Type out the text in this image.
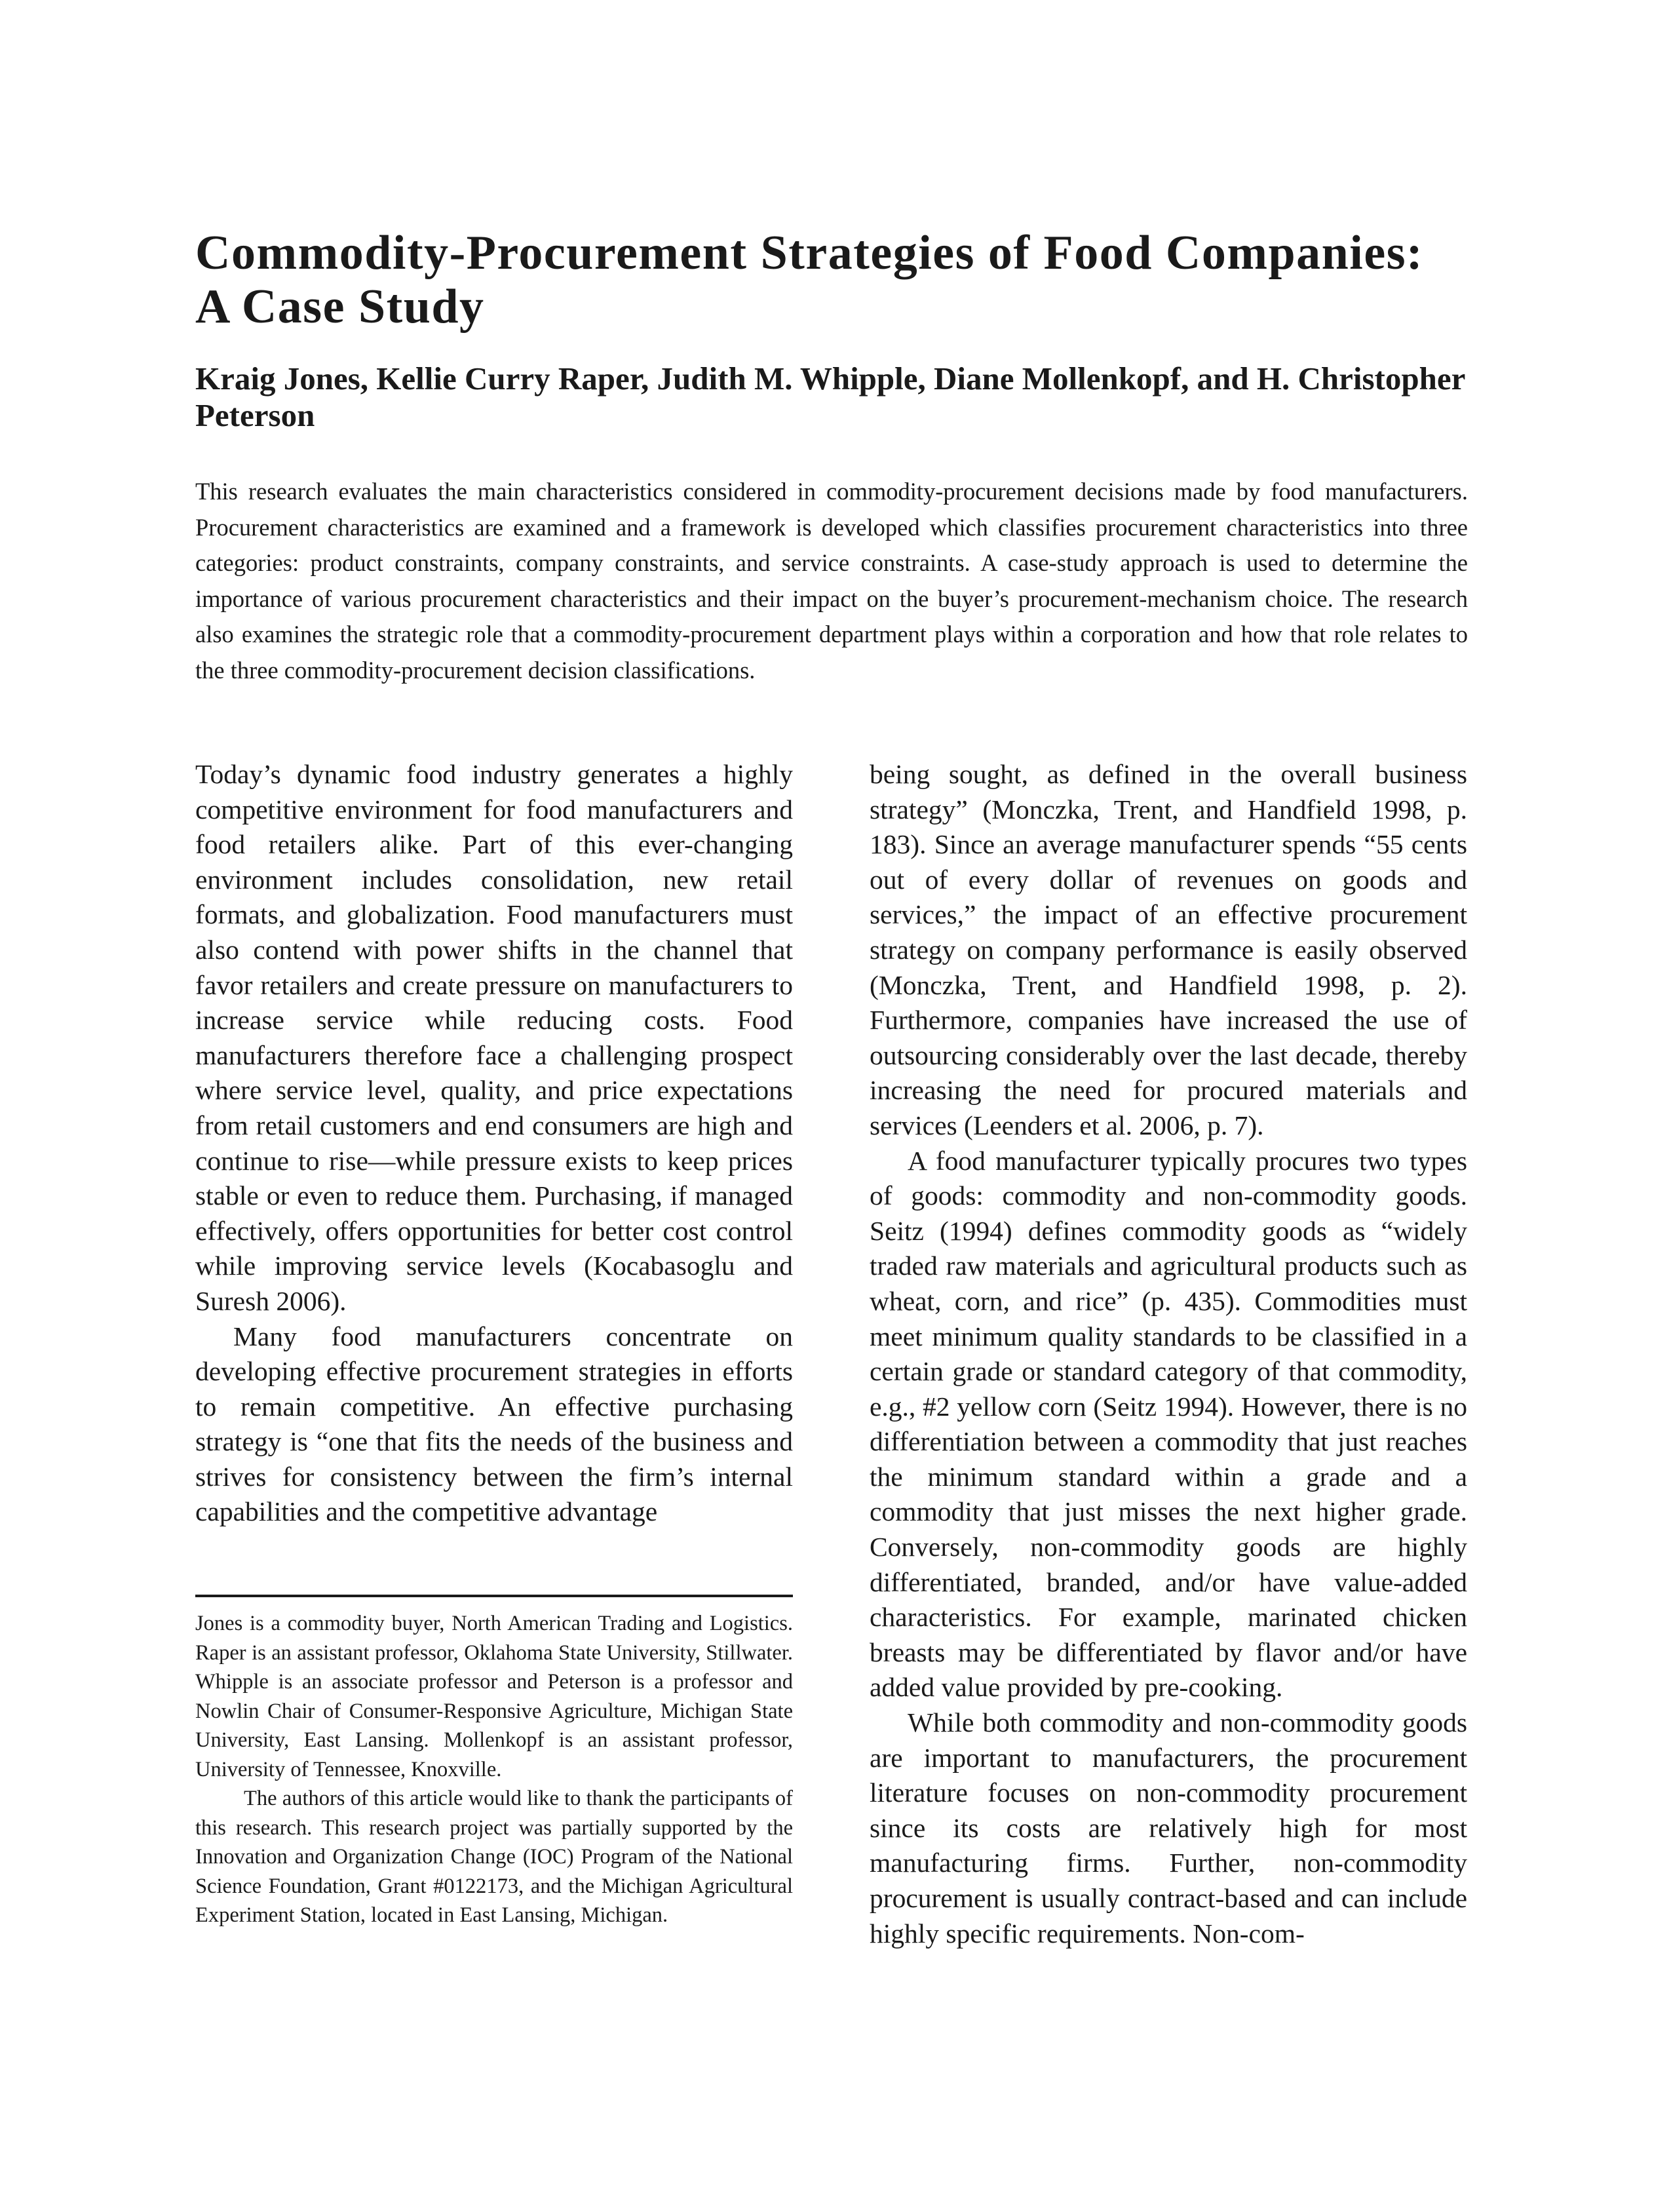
Commodity-Procurement Strategies of Food Companies: A Case Study
Kraig Jones, Kellie Curry Raper, Judith M. Whipple, Diane Mollenkopf, and H. Christopher Peterson

This research evaluates the main characteristics considered in commodity-procurement decisions made by food manufacturers. Procurement characteristics are examined and a framework is developed which classifies procurement characteristics into three categories: product constraints, company constraints, and service constraints. A case-study approach is used to determine the importance of various procurement characteristics and their impact on the buyer’s procurement-mechanism choice. The research also examines the strategic role that a commodity-procurement department plays within a corporation and how that role relates to the three commodity-procurement decision classifications.

Today’s dynamic food industry generates a highly competitive environment for food manufacturers and food retailers alike. Part of this ever-changing environment includes consolidation, new retail formats, and globalization. Food manufacturers must also contend with power shifts in the channel that favor retailers and create pressure on manufacturers to increase service while reducing costs. Food manufacturers therefore face a challenging prospect where service level, quality, and price expectations from retail customers and end consumers are high and continue to rise—while pressure exists to keep prices stable or even to reduce them. Purchasing, if managed effectively, offers opportunities for better cost control while improving service levels (Kocabasoglu and Suresh 2006).

Many food manufacturers concentrate on developing effective procurement strategies in efforts to remain competitive. An effective purchasing strategy is “one that fits the needs of the business and strives for consistency between the firm’s internal capabilities and the competitive advantage

being sought, as defined in the overall business strategy” (Monczka, Trent, and Handfield 1998, p. 183). Since an average manufacturer spends “55 cents out of every dollar of revenues on goods and services,” the impact of an effective procurement strategy on company performance is easily observed (Monczka, Trent, and Handfield 1998, p. 2). Furthermore, companies have increased the use of outsourcing considerably over the last decade, thereby increasing the need for procured materials and services (Leenders et al. 2006, p. 7).

A food manufacturer typically procures two types of goods: commodity and non-commodity goods. Seitz (1994) defines commodity goods as “widely traded raw materials and agricultural products such as wheat, corn, and rice” (p. 435). Commodities must meet minimum quality standards to be classified in a certain grade or standard category of that commodity, e.g., #2 yellow corn (Seitz 1994). However, there is no differentiation between a commodity that just reaches the minimum standard within a grade and a commodity that just misses the next higher grade. Conversely, non-commodity goods are highly differentiated, branded, and/or have value-added characteristics. For example, marinated chicken breasts may be differentiated by flavor and/or have added value provided by pre-cooking.

While both commodity and non-commodity goods are important to manufacturers, the procurement literature focuses on non-commodity procurement since its costs are relatively high for most manufacturing firms. Further, non-commodity procurement is usually contract-based and can include highly specific requirements. Non-com-

Jones is a commodity buyer, North American Trading and Logistics. Raper is an assistant professor, Oklahoma State University, Stillwater. Whipple is an associate professor and Peterson is a professor and Nowlin Chair of Consumer-Responsive Agriculture, Michigan State University, East Lansing. Mollenkopf is an assistant professor, University of Tennessee, Knoxville.

The authors of this article would like to thank the participants of this research. This research project was partially supported by the Innovation and Organization Change (IOC) Program of the National Science Foundation, Grant #0122173, and the Michigan Agricultural Experiment Station, located in East Lansing, Michigan.
